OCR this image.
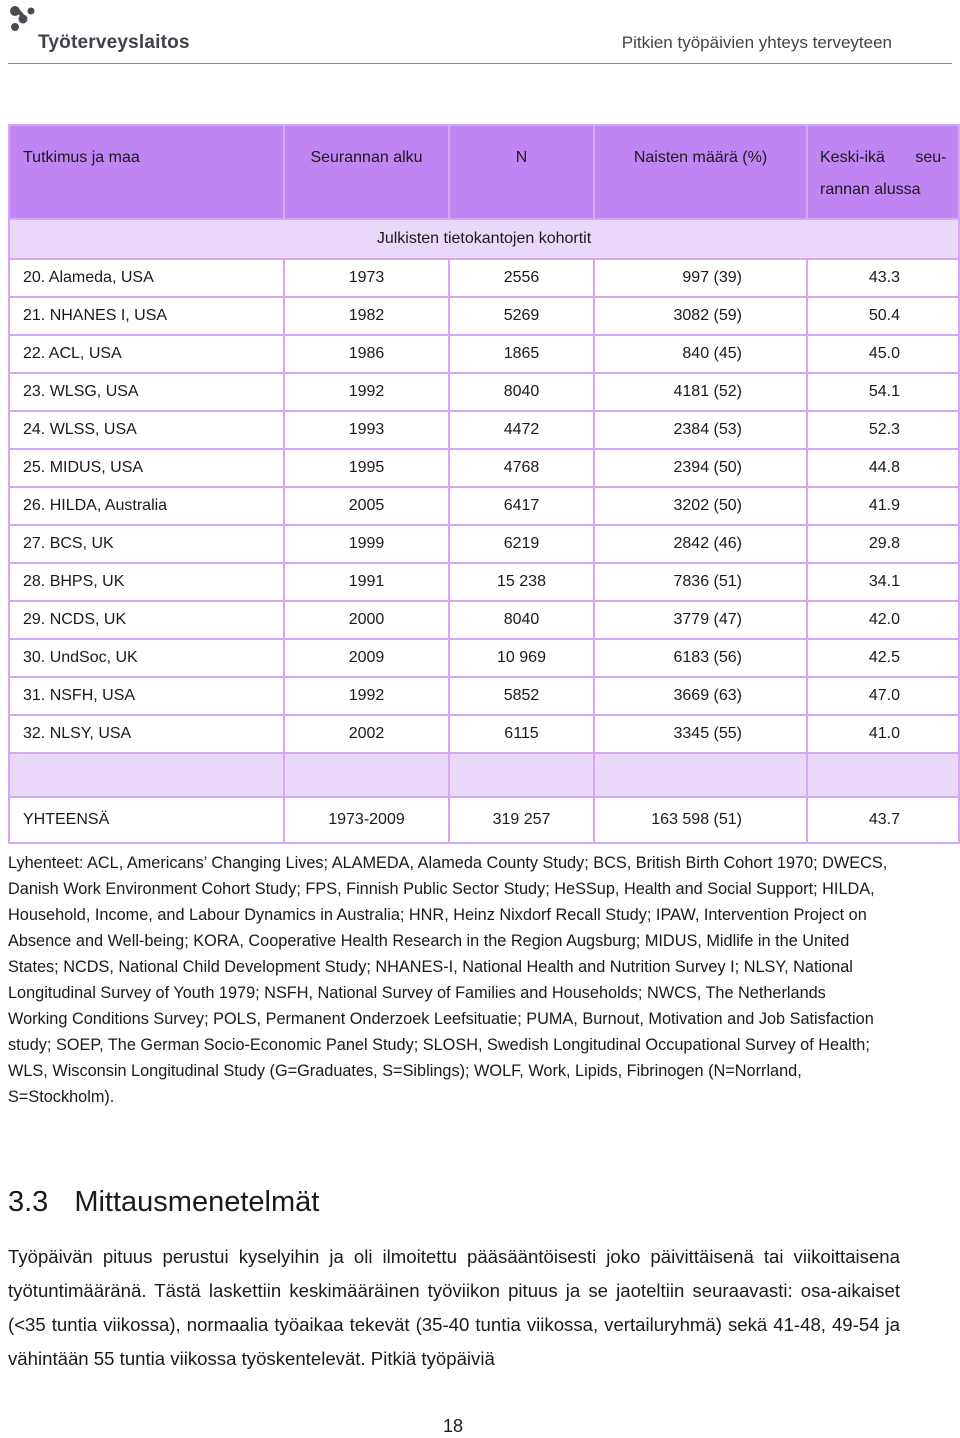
Työterveyslaitos	Pitkien työpäivien yhteys terveyteen
Tutkimus ja maa	Seurannan alku	N	Naisten määrä (%)	Keski-ikä seu-
rannan alussa

Julkisten tietokantojen kohortit				
20. Alameda, USA	1973	2556	997 (39)	43.3
21. NHANES I, USA	1982	5269	3082 (59)	50.4
22. ACL, USA	1986	1865	840 (45)	45.0
23. WLSG, USA	1992	8040	4181 (52)	54.1
24. WLSS, USA	1993	4472	2384 (53)	52.3
25. MIDUS, USA	1995	4768	2394 (50)	44.8
26. HILDA, Australia	2005	6417	3202 (50)	41.9
27. BCS, UK	1999	6219	2842 (46)	29.8
28. BHPS, UK	1991	15 238	7836 (51)	34.1
29. NCDS, UK	2000	8040	3779 (47)	42.0
30. UndSoc, UK	2009	10 969	6183 (56)	42.5
31. NSFH, USA	1992	5852	3669 (63)	47.0
32. NLSY, USA	2002	6115	3345 (55)	41.0

YHTEENSÄ	1973-2009	319 257	163 598 (51)	43.7
Lyhenteet: ACL, Americans’ Changing Lives; ALAMEDA, Alameda County Study; BCS, British Birth Cohort 1970; DWECS, Danish Work Environment Cohort Study; FPS, Finnish Public Sector Study; HeSSup, Health and Social Support; HILDA, Household, Income, and Labour Dynamics in Australia; HNR, Heinz Nixdorf Recall Study; IPAW, Intervention Project on Absence and Well-being; KORA, Cooperative Health Research in the Region Augsburg; MIDUS, Midlife in the United States; NCDS, National Child Development Study; NHANES-I, National Health and Nutrition Survey I; NLSY, National Longitudinal Survey of Youth 1979; NSFH, National Survey of Families and Households; NWCS, The Netherlands Working Conditions Survey; POLS, Permanent Onderzoek Leefsituatie; PUMA, Burnout, Motivation and Job Satisfaction study; SOEP, The German Socio-Economic Panel Study; SLOSH, Swedish Longitudinal Occupational Survey of Health; WLS, Wisconsin Longitudinal Study (G=Graduates, S=Siblings); WOLF, Work, Lipids, Fibrinogen (N=Norrland, S=Stockholm).
3.3 Mittausmenetelmät
Työpäivän pituus perustui kyselyihin ja oli ilmoitettu pääsääntöisesti joko päivittäisenä tai viikoittaisena työtuntimääränä. Tästä laskettiin keskimääräinen työviikon pituus ja se jaoteltiin seuraavasti: osa-aikaiset (<35 tuntia viikossa), normaalia työaikaa tekevät (35-40 tuntia viikossa, vertailuryhmä) sekä 41-48, 49-54 ja vähintään 55 tuntia viikossa työskentelevät. Pitkiä työpäiviä
18
